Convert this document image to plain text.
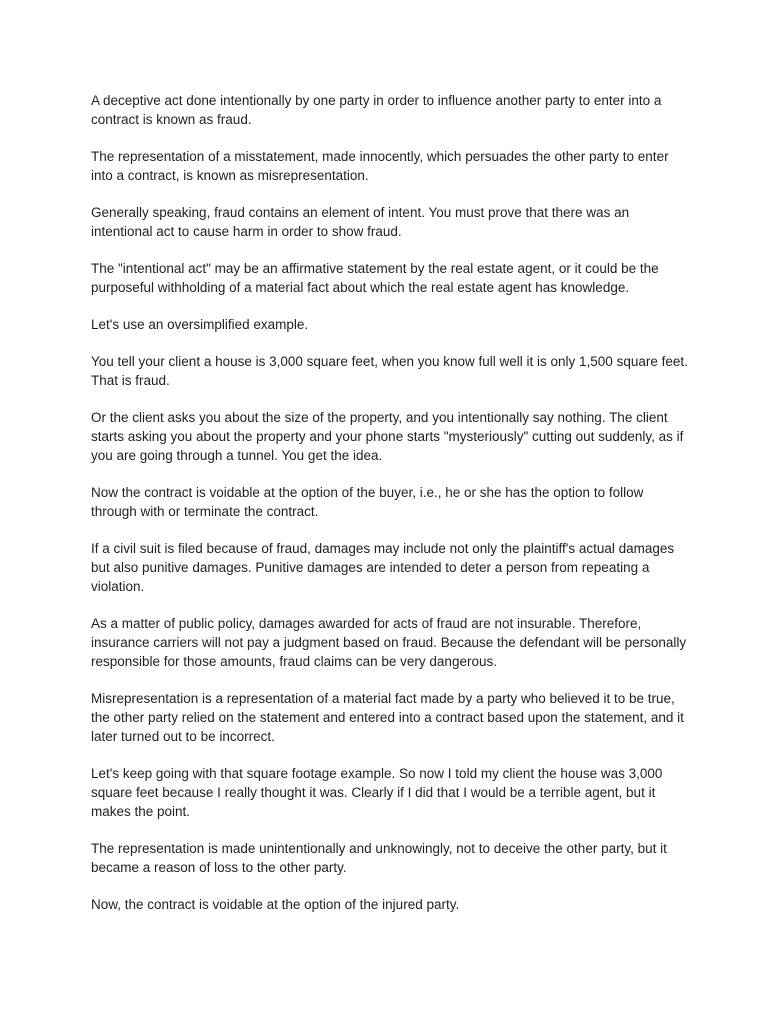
A deceptive act done intentionally by one party in order to influence another party to enter into a contract is known as fraud.

The representation of a misstatement, made innocently, which persuades the other party to enter into a contract, is known as misrepresentation.

Generally speaking, fraud contains an element of intent. You must prove that there was an intentional act to cause harm in order to show fraud.

The "intentional act" may be an affirmative statement by the real estate agent, or it could be the purposeful withholding of a material fact about which the real estate agent has knowledge.

Let's use an oversimplified example.

You tell your client a house is 3,000 square feet, when you know full well it is only 1,500 square feet. That is fraud.

Or the client asks you about the size of the property, and you intentionally say nothing. The client starts asking you about the property and your phone starts "mysteriously" cutting out suddenly, as if you are going through a tunnel. You get the idea.

Now the contract is voidable at the option of the buyer, i.e., he or she has the option to follow through with or terminate the contract.

If a civil suit is filed because of fraud, damages may include not only the plaintiff's actual damages but also punitive damages. Punitive damages are intended to deter a person from repeating a violation.

As a matter of public policy, damages awarded for acts of fraud are not insurable. Therefore, insurance carriers will not pay a judgment based on fraud. Because the defendant will be personally responsible for those amounts, fraud claims can be very dangerous.

Misrepresentation is a representation of a material fact made by a party who believed it to be true, the other party relied on the statement and entered into a contract based upon the statement, and it later turned out to be incorrect.

Let's keep going with that square footage example. So now I told my client the house was 3,000 square feet because I really thought it was. Clearly if I did that I would be a terrible agent, but it makes the point.

The representation is made unintentionally and unknowingly, not to deceive the other party, but it became a reason of loss to the other party.

Now, the contract is voidable at the option of the injured party.
